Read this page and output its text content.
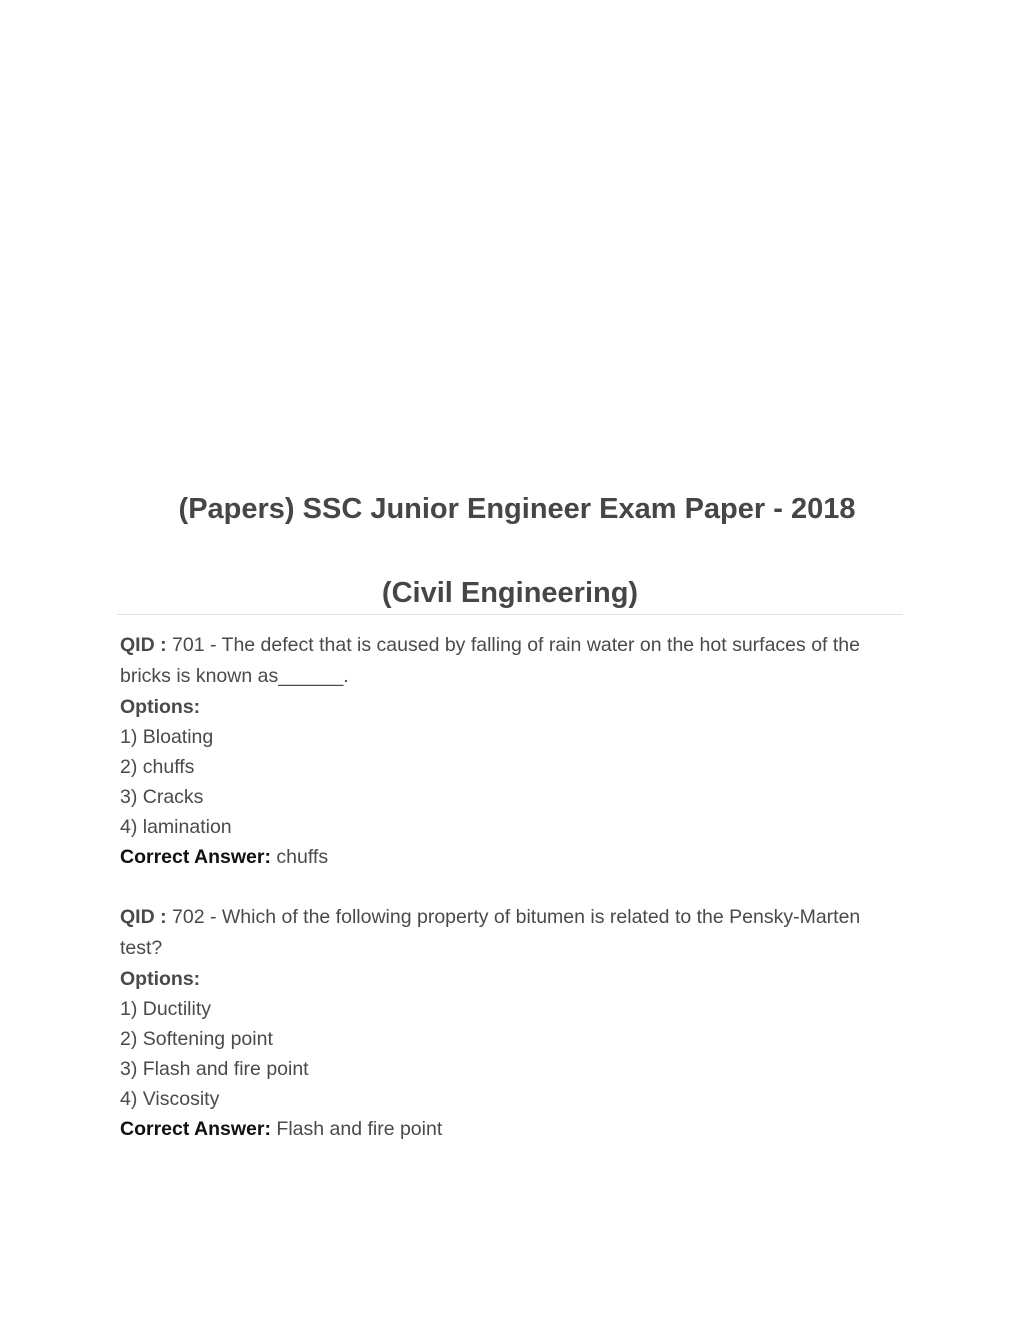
(Papers) SSC Junior Engineer Exam Paper - 2018
(Civil Engineering)
QID : 701 - The defect that is caused by falling of rain water on the hot surfaces of the bricks is known as______.
Options:
1) Bloating
2) chuffs
3) Cracks
4) lamination
Correct Answer: chuffs
QID : 702 - Which of the following property of bitumen is related to the Pensky-Marten test?
Options:
1) Ductility
2) Softening point
3) Flash and fire point
4) Viscosity
Correct Answer: Flash and fire point
